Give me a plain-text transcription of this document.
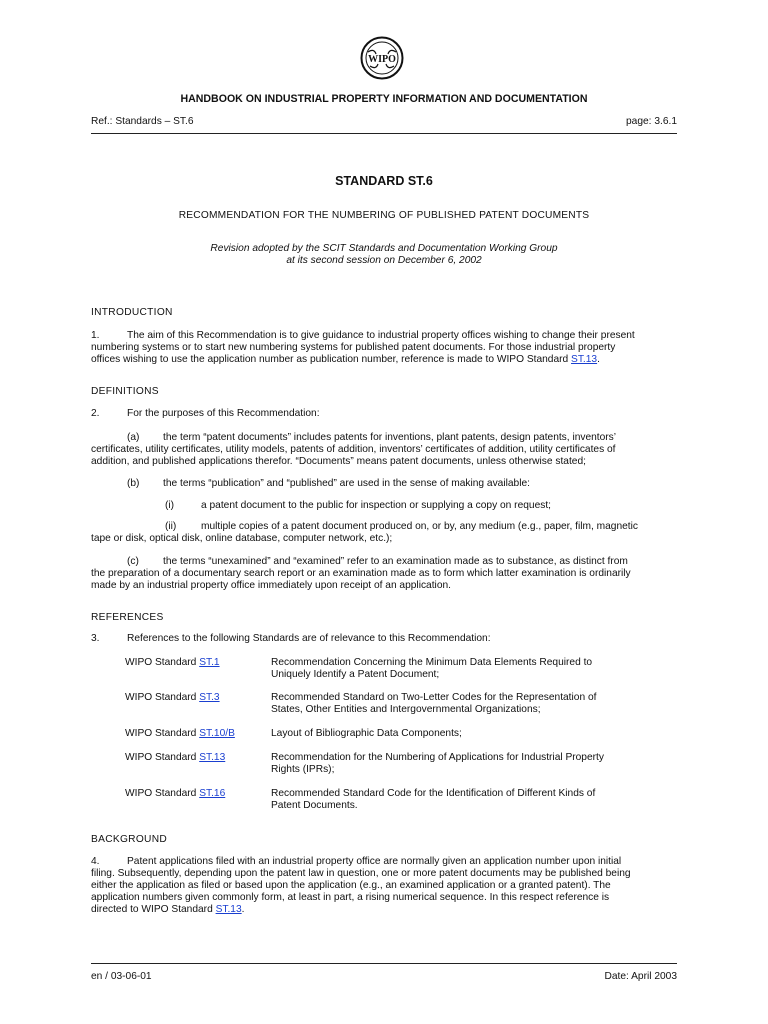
WIPO
HANDBOOK ON INDUSTRIAL PROPERTY INFORMATION AND DOCUMENTATION
Ref.: Standards – ST.6	page: 3.6.1
STANDARD ST.6
RECOMMENDATION FOR THE NUMBERING OF PUBLISHED PATENT DOCUMENTS
Revision adopted by the SCIT Standards and Documentation Working Group
at its second session on December 6, 2002
INTRODUCTION
1.	The aim of this Recommendation is to give guidance to industrial property offices wishing to change their present
numbering systems or to start new numbering systems for published patent documents. For those industrial property
offices wishing to use the application number as publication number, reference is made to WIPO Standard ST.13.
DEFINITIONS
2.	For the purposes of this Recommendation:
(a) the term “patent documents” includes patents for inventions, plant patents, design patents, inventors’
certificates, utility certificates, utility models, patents of addition, inventors’ certificates of addition, utility certificates of
addition, and published applications therefor. “Documents” means patent documents, unless otherwise stated;
(b) the terms “publication” and “published” are used in the sense of making available:
(i)	a patent document to the public for inspection or supplying a copy on request;
(ii) multiple copies of a patent document produced on, or by, any medium (e.g., paper, film, magnetic
tape or disk, optical disk, online database, computer network, etc.);
(c) the terms “unexamined” and “examined” refer to an examination made as to substance, as distinct from
the preparation of a documentary search report or an examination made as to form which latter examination is ordinarily
made by an industrial property office immediately upon receipt of an application.
REFERENCES
3.	References to the following Standards are of relevance to this Recommendation:
WIPO Standard ST.1	Recommendation Concerning the Minimum Data Elements Required to
Uniquely Identify a Patent Document;
WIPO Standard ST.3	Recommended Standard on Two-Letter Codes for the Representation of
States, Other Entities and Intergovernmental Organizations;
WIPO Standard ST.10/B	Layout of Bibliographic Data Components;
WIPO Standard ST.13	Recommendation for the Numbering of Applications for Industrial Property
Rights (IPRs);
WIPO Standard ST.16	Recommended Standard Code for the Identification of Different Kinds of
Patent Documents.
BACKGROUND
4.	Patent applications filed with an industrial property office are normally given an application number upon initial
filing. Subsequently, depending upon the patent law in question, one or more patent documents may be published being
either the application as filed or based upon the application (e.g., an examined application or a granted patent). The
application numbers given commonly form, at least in part, a rising numerical sequence. In this respect reference is
directed to WIPO Standard ST.13.
en / 03-06-01	Date: April 2003
